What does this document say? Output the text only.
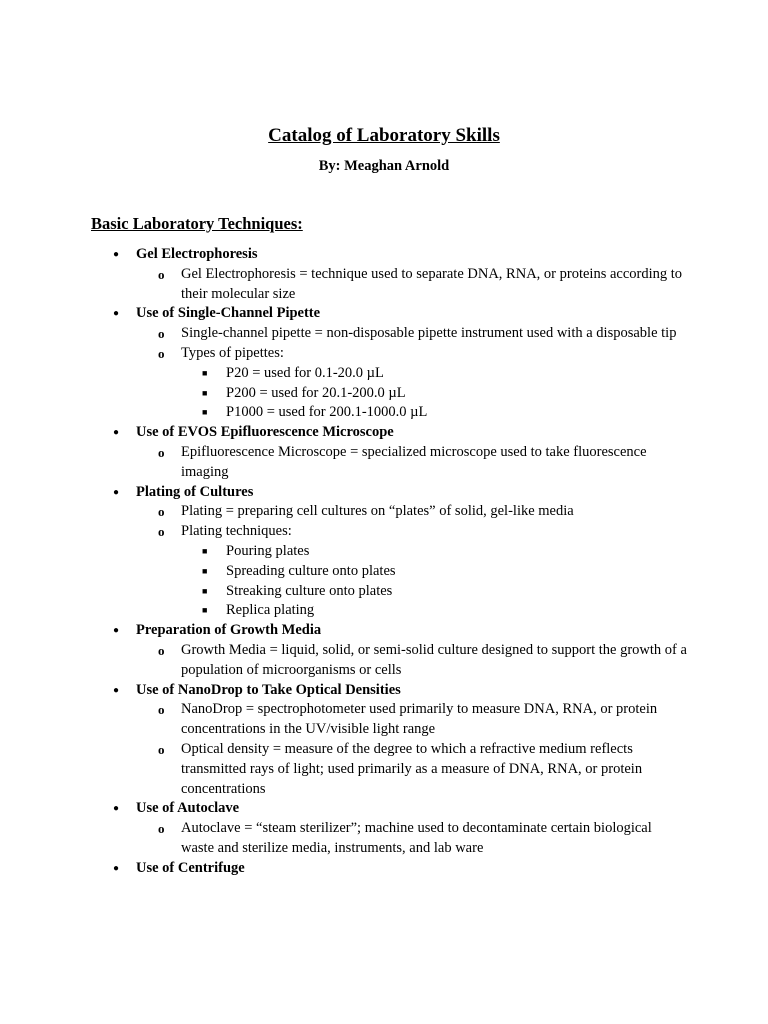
Catalog of Laboratory Skills
By: Meaghan Arnold
Basic Laboratory Techniques:
● Gel Electrophoresis
o Gel Electrophoresis = technique used to separate DNA, RNA, or proteins according to their molecular size
● Use of Single-Channel Pipette
o Single-channel pipette = non-disposable pipette instrument used with a disposable tip
o Types of pipettes:
■ P20 = used for 0.1-20.0 µL
■ P200 = used for 20.1-200.0 µL
■ P1000 = used for 200.1-1000.0 µL
● Use of EVOS Epifluorescence Microscope
o Epifluorescence Microscope = specialized microscope used to take fluorescence imaging
● Plating of Cultures
o Plating = preparing cell cultures on “plates” of solid, gel-like media
o Plating techniques:
■ Pouring plates
■ Spreading culture onto plates
■ Streaking culture onto plates
■ Replica plating
● Preparation of Growth Media
o Growth Media = liquid, solid, or semi-solid culture designed to support the growth of a population of microorganisms or cells
● Use of NanoDrop to Take Optical Densities
o NanoDrop = spectrophotometer used primarily to measure DNA, RNA, or protein concentrations in the UV/visible light range
o Optical density = measure of the degree to which a refractive medium reflects transmitted rays of light; used primarily as a measure of DNA, RNA, or protein concentrations
● Use of Autoclave
o Autoclave = “steam sterilizer”; machine used to decontaminate certain biological waste and sterilize media, instruments, and lab ware
● Use of Centrifuge
